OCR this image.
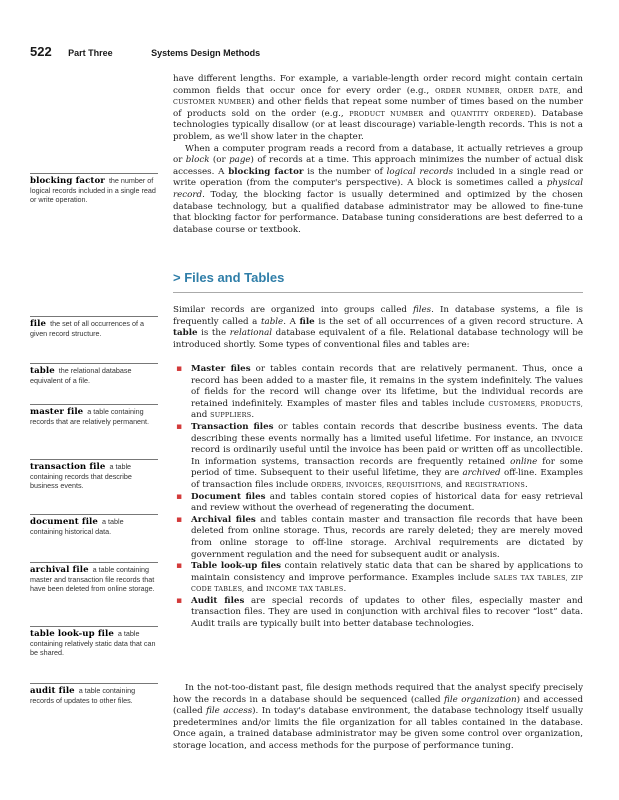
522 Part Three	Systems Design Methods
blocking factor the number of logical records included in a single read or write operation.
file the set of all occurrences of a given record structure.
table the relational database equivalent of a file.
master file a table containing records that are relatively permanent.
transaction file a table containing records that describe business events.
document file a table containing historical data.
archival file a table containing master and transaction file records that have been deleted from online storage.
table look-up file a table containing relatively static data that can be shared.
audit file a table containing records of updates to other files.

have different lengths. For example, a variable-length order record might contain certain common fields that occur once for every order (e.g., ORDER NUMBER, ORDER DATE, and CUSTOMER NUMBER) and other fields that repeat some number of times based on the number of products sold on the order (e.g., PRODUCT NUMBER and QUANTITY ORDERED). Database technologies typically disallow (or at least discourage) variable-length records. This is not a problem, as we'll show later in the chapter.

When a computer program reads a record from a database, it actually retrieves a group or block (or page) of records at a time. This approach minimizes the number of actual disk accesses. A blocking factor is the number of logical records included in a single read or write operation (from the computer's perspective). A block is sometimes called a physical record. Today, the blocking factor is usually determined and optimized by the chosen database technology, but a qualified database administrator may be allowed to fine-tune that blocking factor for performance. Database tuning considerations are best deferred to a database course or textbook.

> Files and Tables

Similar records are organized into groups called files. In database systems, a file is frequently called a table. A file is the set of all occurrences of a given record structure. A table is the relational database equivalent of a file. Relational database technology will be introduced shortly. Some types of conventional files and tables are:

▪ Master files or tables contain records that are relatively permanent. Thus, once a record has been added to a master file, it remains in the system indefinitely. The values of fields for the record will change over its lifetime, but the individual records are retained indefinitely. Examples of master files and tables include CUSTOMERS, PRODUCTS, and SUPPLIERS.
▪ Transaction files or tables contain records that describe business events. The data describing these events normally has a limited useful lifetime. For instance, an INVOICE record is ordinarily useful until the invoice has been paid or written off as uncollectible. In information systems, transaction records are frequently retained online for some period of time. Subsequent to their useful lifetime, they are archived off-line. Examples of transaction files include ORDERS, INVOICES, REQUISITIONS, and REGISTRATIONS.
▪ Document files and tables contain stored copies of historical data for easy retrieval and review without the overhead of regenerating the document.
▪ Archival files and tables contain master and transaction file records that have been deleted from online storage. Thus, records are rarely deleted; they are merely moved from online storage to off-line storage. Archival requirements are dictated by government regulation and the need for subsequent audit or analysis.
▪ Table look-up files contain relatively static data that can be shared by applications to maintain consistency and improve performance. Examples include SALES TAX TABLES, ZIP CODE TABLES, and INCOME TAX TABLES.
▪ Audit files are special records of updates to other files, especially master and transaction files. They are used in conjunction with archival files to recover “lost” data. Audit trails are typically built into better database technologies.

In the not-too-distant past, file design methods required that the analyst specify precisely how the records in a database should be sequenced (called file organization) and accessed (called file access). In today's database environment, the database technology itself usually predetermines and/or limits the file organization for all tables contained in the database. Once again, a trained database administrator may be given some control over organization, storage location, and access methods for the purpose of performance tuning.
